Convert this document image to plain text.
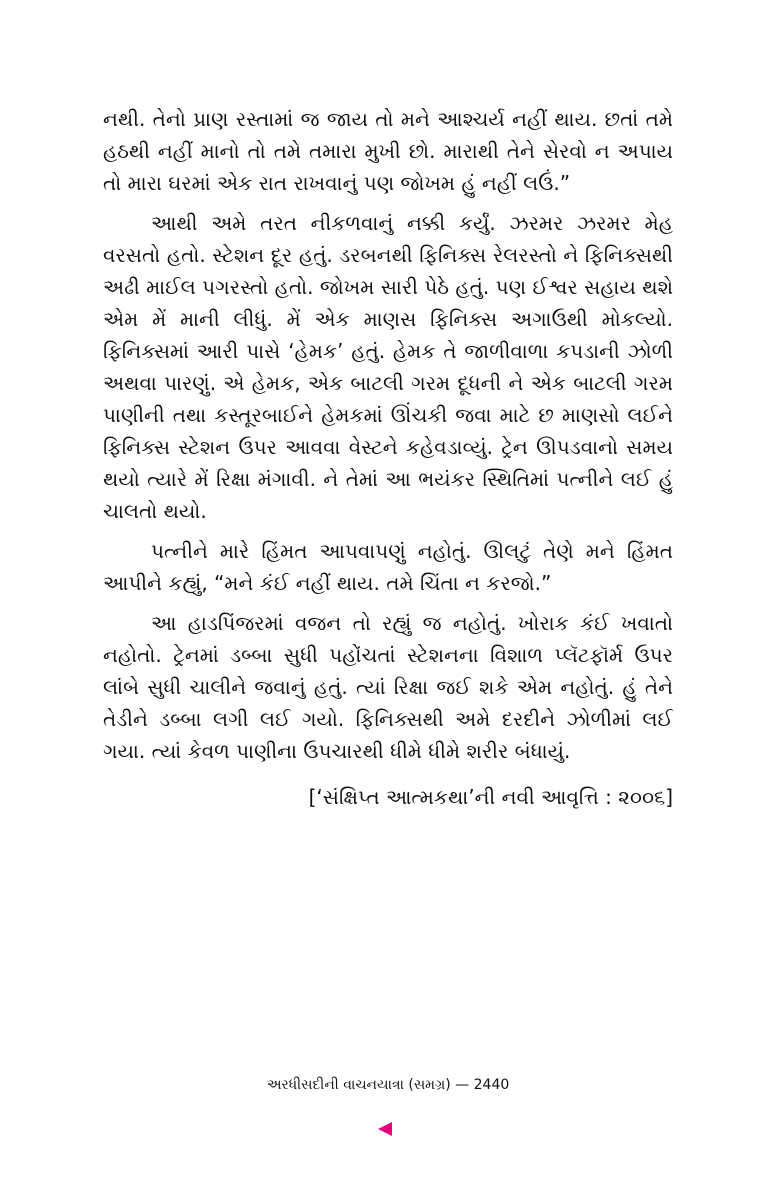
નથી. તેનો પ્રાણ રસ્તામાં જ જાય તો મને આશ્ચર્ય નહીં થાય. છતાં તમે હઠથી નહીં માનો તો તમે તમારા મુખી છો. મારાથી તેને સેરવો ન અપાય તો મારા ઘરમાં એક રાત રાખવાનું પણ જોખમ હું નહીં લઉં.”

આથી અમે તરત નીકળવાનું નક્કી કર્યું. ઝરમર ઝરમર મેહ વરસતો હતો. સ્ટેશન દૂર હતું. ડરબનથી ફિનિક્સ રેલરસ્તો ને ફિનિક્સથી અઢી માઈલ પગરસ્તો હતો. જોખમ સારી પેઠે હતું. પણ ઈશ્વર સહાય થશે એમ મેં માની લીધું. મેં એક માણસ ફિનિક્સ અગાઉથી મોકલ્યો. ફિનિક્સમાં આરી પાસે ‘હેમક’ હતું. હેમક તે જાળીવાળા કપડાની ઝોળી અથવા પારણું. એ હેમક, એક બાટલી ગરમ દૂધની ને એક બાટલી ગરમ પાણીની તથા કસ્તૂરબાઈને હેમકમાં ઊંચકી જવા માટે છ માણસો લઈને ફિનિક્સ સ્ટેશન ઉપર આવવા વેસ્ટને કહેવડાવ્યું. ટ્રેન ઊપડવાનો સમય થયો ત્યારે મેં રિક્ષા મંગાવી. ને તેમાં આ ભયંકર સ્થિતિમાં પત્નીને લઈ હું ચાલતો થયો.

પત્નીને મારે હિંમત આપવાપણું નહોતું. ઊલટું તેણે મને હિંમત આપીને કહ્યું, “મને કંઈ નહીં થાય. તમે ચિંતા ન કરજો.”

આ હાડપિંજરમાં વજન તો રહ્યું જ નહોતું. ખોરાક કંઈ ખવાતો નહોતો. ટ્રેનમાં ડબ્બા સુધી પહોંચતાં સ્ટેશનના વિશાળ પ્લૅટફૉર્મ ઉપર લાંબે સુધી ચાલીને જવાનું હતું. ત્યાં રિક્ષા જઈ શકે એમ નહોતું. હું તેને તેડીને ડબ્બા લગી લઈ ગયો. ફિનિક્સથી અમે દરદીને ઝોળીમાં લઈ ગયા. ત્યાં કેવળ પાણીના ઉપચારથી ધીમે ધીમે શરીર બંધાયું.

[‘સંક્ષિપ્ત આત્મકથા’ની નવી આવૃત્તિ : ૨૦૦૬]

અરધીસદીની વાચનયાત્રા (સમગ્ર) — 2440
